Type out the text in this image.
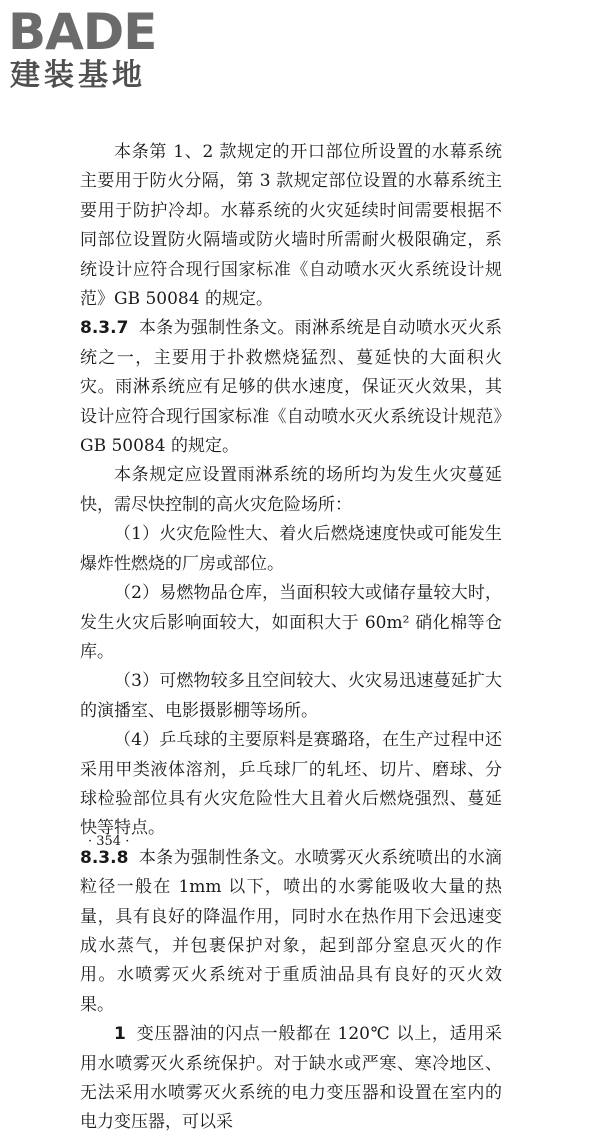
BADE
建装基地

本条第 1、2 款规定的开口部位所设置的水幕系统主要用于防火分隔，第 3 款规定部位设置的水幕系统主要用于防护冷却。水幕系统的火灾延续时间需要根据不同部位设置防火隔墙或防火墙时所需耐火极限确定，系统设计应符合现行国家标准《自动喷水灭火系统设计规范》GB 50084 的规定。

8.3.7 本条为强制性条文。雨淋系统是自动喷水灭火系统之一，主要用于扑救燃烧猛烈、蔓延快的大面积火灾。雨淋系统应有足够的供水速度，保证灭火效果，其设计应符合现行国家标准《自动喷水灭火系统设计规范》GB 50084 的规定。

本条规定应设置雨淋系统的场所均为发生火灾蔓延快，需尽快控制的高火灾危险场所：

（1）火灾危险性大、着火后燃烧速度快或可能发生爆炸性燃烧的厂房或部位。

（2）易燃物品仓库，当面积较大或储存量较大时，发生火灾后影响面较大，如面积大于 60m² 硝化棉等仓库。

（3）可燃物较多且空间较大、火灾易迅速蔓延扩大的演播室、电影摄影棚等场所。

（4）乒乓球的主要原料是赛璐珞，在生产过程中还采用甲类液体溶剂，乒乓球厂的轧坯、切片、磨球、分球检验部位具有火灾危险性大且着火后燃烧强烈、蔓延快等特点。

8.3.8 本条为强制性条文。水喷雾灭火系统喷出的水滴粒径一般在 1mm 以下，喷出的水雾能吸收大量的热量，具有良好的降温作用，同时水在热作用下会迅速变成水蒸气，并包裹保护对象，起到部分窒息灭火的作用。水喷雾灭火系统对于重质油品具有良好的灭火效果。

1 变压器油的闪点一般都在 120℃ 以上，适用采用水喷雾灭火系统保护。对于缺水或严寒、寒冷地区、无法采用水喷雾灭火系统的电力变压器和设置在室内的电力变压器，可以采

· 354 ·
